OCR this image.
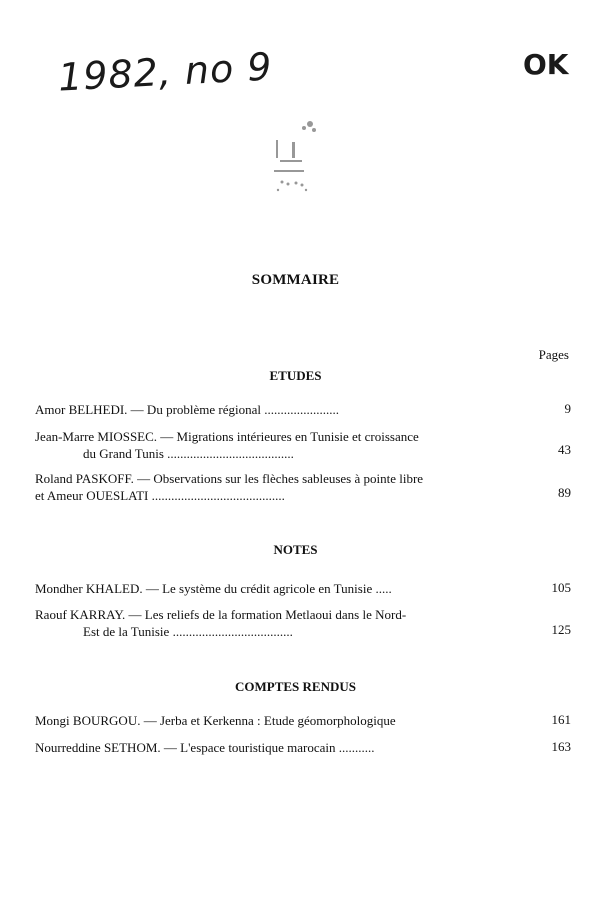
1982, no 9	OK
SOMMAIRE
Pages
ETUDES
Amor BELHEDI. — Du problème régional .......................	9
Jean-Marre MIOSSEC. — Migrations intérieures en Tunisie et croissance
du Grand Tunis .......................................	43
Roland PASKOFF. — Observations sur les flèches sableuses à pointe libre
et Ameur OUESLATI .........................................	89
NOTES
Mondher KHALED. — Le système du crédit agricole en Tunisie .....	105
Raouf KARRAY. — Les reliefs de la formation Metlaoui dans le Nord-
Est de la Tunisie .....................................	125
COMPTES RENDUS
Mongi BOURGOU. — Jerba et Kerkenna : Etude géomorphologique	161
Nourreddine SETHOM. — L'espace touristique marocain ...........	163
